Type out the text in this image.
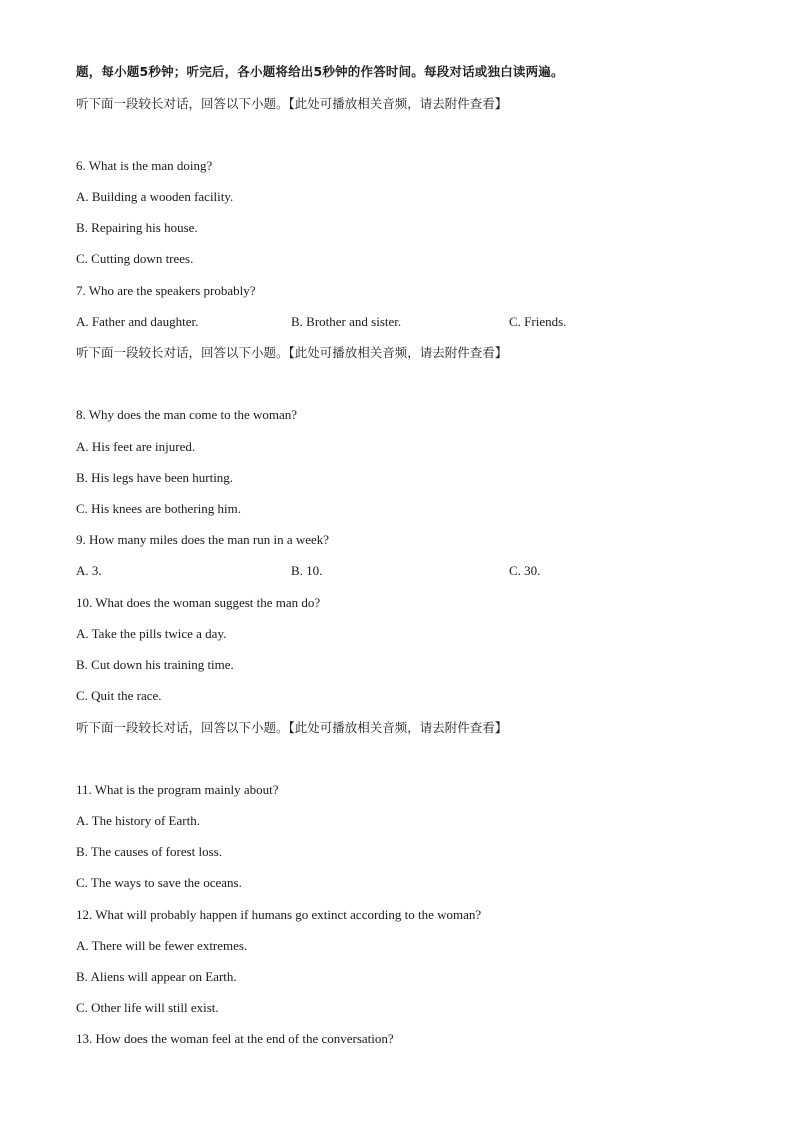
题，每小题5秒钟；听完后，各小题将给出5秒钟的作答时间。每段对话或独白读两遍。
听下面一段较长对话，回答以下小题。【此处可播放相关音频，请去附件查看】
6. What is the man doing?
A. Building a wooden facility.
B. Repairing his house.
C. Cutting down trees.
7. Who are the speakers probably?
A. Father and daughter.	B. Brother and sister.	C. Friends.
听下面一段较长对话，回答以下小题。【此处可播放相关音频，请去附件查看】
8. Why does the man come to the woman?
A. His feet are injured.
B. His legs have been hurting.
C. His knees are bothering him.
9. How many miles does the man run in a week?
A. 3.	B. 10.	C. 30.
10. What does the woman suggest the man do?
A. Take the pills twice a day.
B. Cut down his training time.
C. Quit the race.
听下面一段较长对话，回答以下小题。【此处可播放相关音频，请去附件查看】
11. What is the program mainly about?
A. The history of Earth.
B. The causes of forest loss.
C. The ways to save the oceans.
12. What will probably happen if humans go extinct according to the woman?
A. There will be fewer extremes.
B. Aliens will appear on Earth.
C. Other life will still exist.
13. How does the woman feel at the end of the conversation?
